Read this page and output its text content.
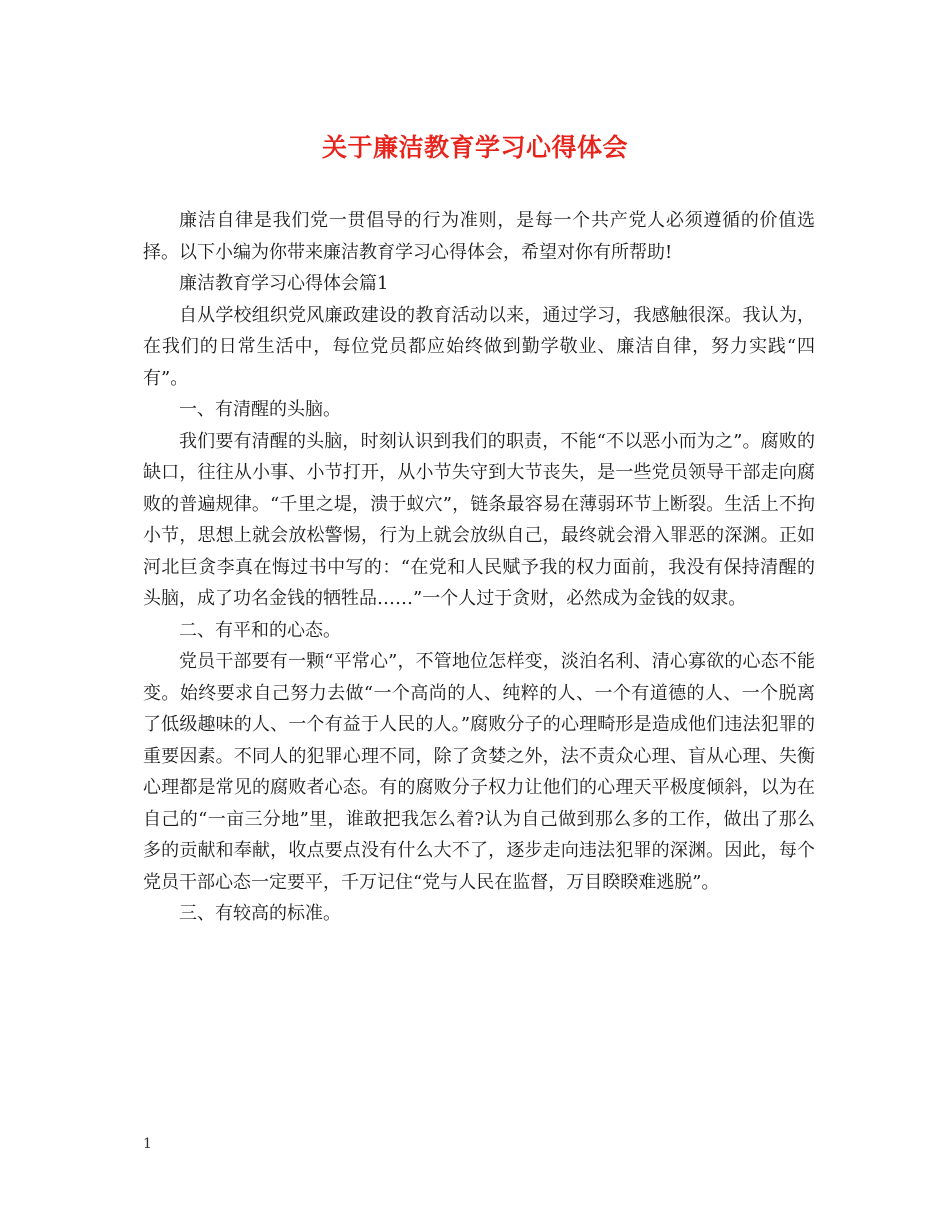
关于廉洁教育学习心得体会

廉洁自律是我们党一贯倡导的行为准则，是每一个共产党人必须遵循的价值选择。以下小编为你带来廉洁教育学习心得体会，希望对你有所帮助!

廉洁教育学习心得体会篇1

自从学校组织党风廉政建设的教育活动以来，通过学习，我感触很深。我认为，在我们的日常生活中，每位党员都应始终做到勤学敬业、廉洁自律，努力实践“四有”。

一、有清醒的头脑。

我们要有清醒的头脑，时刻认识到我们的职责，不能“不以恶小而为之”。腐败的缺口，往往从小事、小节打开，从小节失守到大节丧失，是一些党员领导干部走向腐败的普遍规律。“千里之堤，溃于蚁穴”，链条最容易在薄弱环节上断裂。生活上不拘小节，思想上就会放松警惕，行为上就会放纵自己，最终就会滑入罪恶的深渊。正如河北巨贪李真在悔过书中写的：“在党和人民赋予我的权力面前，我没有保持清醒的头脑，成了功名金钱的牺牲品……”一个人过于贪财，必然成为金钱的奴隶。

二、有平和的心态。

党员干部要有一颗“平常心”，不管地位怎样变，淡泊名利、清心寡欲的心态不能变。始终要求自己努力去做“一个高尚的人、纯粹的人、一个有道德的人、一个脱离了低级趣味的人、一个有益于人民的人。”腐败分子的心理畸形是造成他们违法犯罪的重要因素。不同人的犯罪心理不同，除了贪婪之外，法不责众心理、盲从心理、失衡心理都是常见的腐败者心态。有的腐败分子权力让他们的心理天平极度倾斜，以为在自己的“一亩三分地”里，谁敢把我怎么着?认为自己做到那么多的工作，做出了那么多的贡献和奉献，收点要点没有什么大不了，逐步走向违法犯罪的深渊。因此，每个党员干部心态一定要平，千万记住“党与人民在监督，万目睽睽难逃脱”。

三、有较高的标准。

1
